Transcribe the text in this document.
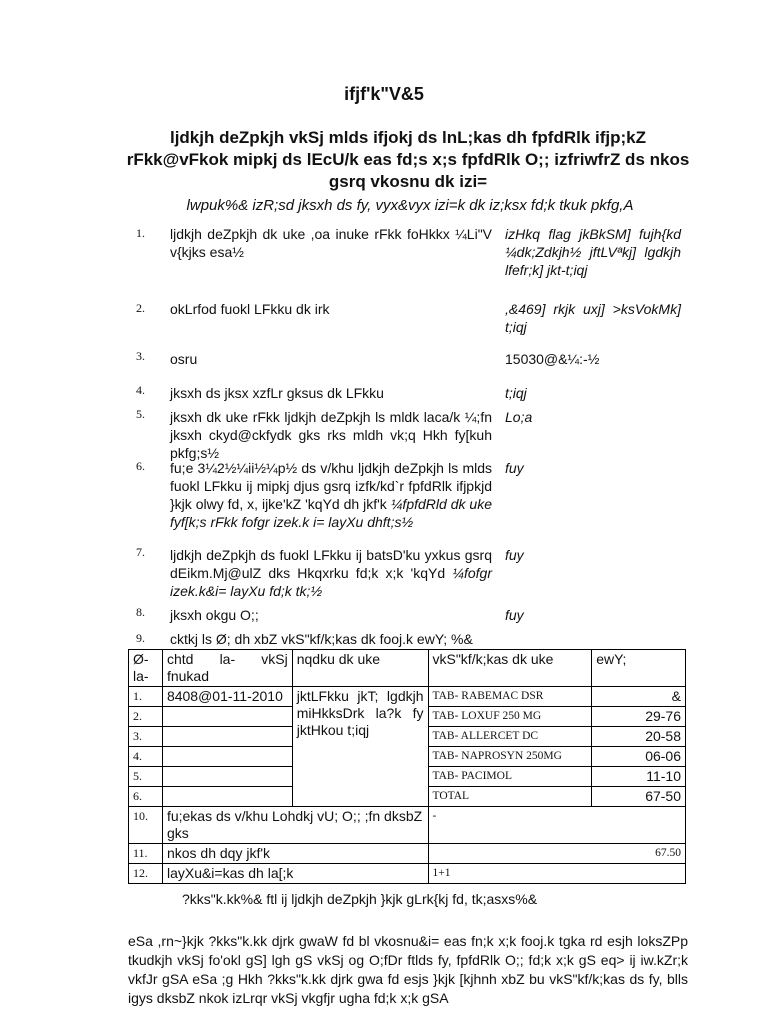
ifjf'k"V&5
ljdkjh deZpkjh vkSj mlds ifjokj ds lnL;kas dh fpfdRlk ifjp;kZ rFkk@vFkok mipkj ds lEcU/k eas fd;s x;s fpfdRlk O;; izfriwfrZ ds nkos gsrq vkosnu dk izi=
lwpuk%& izR;sd jksxh ds fy, vyx&vyx izi=k dk iz;ksx fd;k tkuk pkfg,A
1. ljdkjh deZpkjh dk uke ,oa inuke rFkk foHkkx ¼Li"V v{kjks esa½
izHkq flag jkBkSM] fujh{kd ¼dk;Zdkjh½ jftLVªkj] lgdkjh lfefr;k] jkt-t;iqj
2. okLrfod fuokl LFkku dk irk	,&469] rkjk uxj] >ksVokMk] t;iqj
3. osru	15030@&¼:-½
4. jksxh ds jksx xzfLr gksus dk LFkku	t;iqj
5. jksxh dk uke rFkk ljdkjh deZpkjh ls mldk laca/k ¼;fn jksxh ckyd@ckfydk gks rks mldh vk;q Hkh fy[kuh pkfg;s½
Lo;a
6. fu;e 3¼2½¼ii½¼p½ ds v/khu ljdkjh deZpkjh ls mlds fuokl LFkku ij mipkj djus gsrq izfk/kd`r fpfdRlk ifjpkjd }kjk olwy fd, x, ijke'kZ 'kqYd dh jkf'k ¼fpfdRld dk uke fyf[k;s rFkk fofgr izek.k i= layXu dhft;s½
fuy
7. ljdkjh deZpkjh ds fuokl LFkku ij batsD'ku yxkus gsrq dEikm.Mj@ulZ dks Hkqxrku fd;k x;k 'kqYd ¼fofgr izek.k&i= layXu fd;k tk;½
fuy
8. jksxh okgu O;;	fuy
9. cktkj ls Ø; dh xbZ vkS"kf/k;kas dk fooj.k ewY; %&
Ø- la-	chtd la- vkSj fnukad	nqdku dk uke	vkS"kf/k;kas dk uke	ewY;
1.	8408@01-11-2010	jktLFkku jkT; lgdkjh miHkksDrk la?k fy jktHkou t;iqj	TAB- RABEMAC DSR	&
2.			TAB- LOXUF 250 MG	29-76
3.			TAB- ALLERCET DC	20-58
4.			TAB- NAPROSYN 250MG	06-06
5.			TAB- PACIMOL	11-10
6.			TOTAL	67-50
10.	fu;ekas ds v/khu Lohdkj vU; O;; ;fn dksbZ gks		-	
11.	nkos dh dqy jkf'k		67.50	
12.	layXu&i=kas dh la[;k		1+1	
?kks"k.kk%& ftl ij ljdkjh deZpkjh }kjk gLrk{kj fd, tk;asxs%&
eSa ,rn~}kjk ?kks"k.kk djrk gwaW fd bl vkosnu&i= eas fn;k x;k fooj.k tgka rd esjh loksZPp tkudkjh vkSj fo'okl gS] lgh gS vkSj og O;fDr ftlds fy, fpfdRlk O;; fd;k x;k gS eq> ij iw.kZr;k vkfJr gSA eSa ;g Hkh ?kks"k.kk djrk gwa fd esjs }kjk [kjhnh xbZ bu vkS"kf/k;kas ds fy, blls igys dksbZ nkok izLrqr vkSj vkgfjr ugha fd;k x;k gSA
